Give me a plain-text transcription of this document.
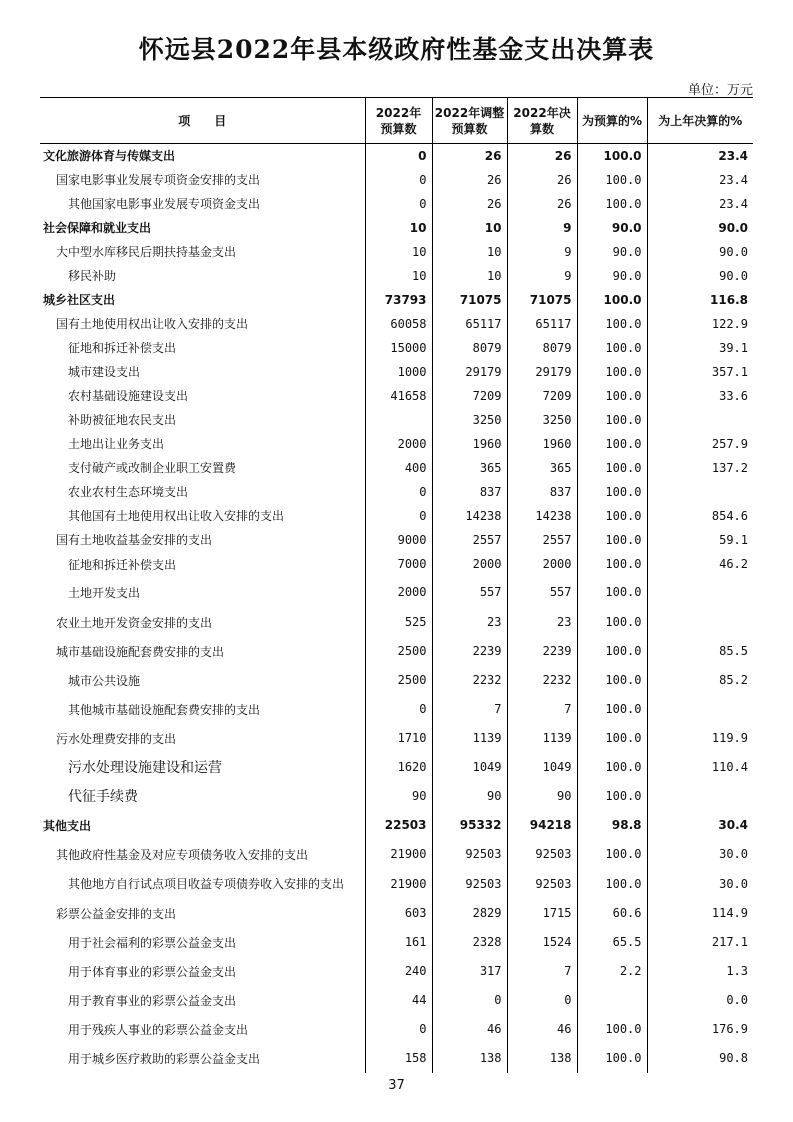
怀远县2022年县本级政府性基金支出决算表
单位：万元
项　　目	2022年　预算数	2022年调整预算数	2022年决算数	为预算的%	为上年决算的%
文化旅游体育与传媒支出	0	26	26	100.0	23.4
国家电影事业发展专项资金安排的支出	0	26	26	100.0	23.4
其他国家电影事业发展专项资金支出	0	26	26	100.0	23.4
社会保障和就业支出	10	10	9	90.0	90.0
大中型水库移民后期扶持基金支出	10	10	9	90.0	90.0
移民补助	10	10	9	90.0	90.0
城乡社区支出	73793	71075	71075	100.0	116.8
国有土地使用权出让收入安排的支出	60058	65117	65117	100.0	122.9
征地和拆迁补偿支出	15000	8079	8079	100.0	39.1
城市建设支出	1000	29179	29179	100.0	357.1
农村基础设施建设支出	41658	7209	7209	100.0	33.6
补助被征地农民支出		3250	3250	100.0	
土地出让业务支出	2000	1960	1960	100.0	257.9
支付破产或改制企业职工安置费	400	365	365	100.0	137.2
农业农村生态环境支出	0	837	837	100.0	
其他国有土地使用权出让收入安排的支出	0	14238	14238	100.0	854.6
国有土地收益基金安排的支出	9000	2557	2557	100.0	59.1
征地和拆迁补偿支出	7000	2000	2000	100.0	46.2
土地开发支出	2000	557	557	100.0	
农业土地开发资金安排的支出	525	23	23	100.0	
城市基础设施配套费安排的支出	2500	2239	2239	100.0	85.5
城市公共设施	2500	2232	2232	100.0	85.2
其他城市基础设施配套费安排的支出	0	7	7	100.0	
污水处理费安排的支出	1710	1139	1139	100.0	119.9
污水处理设施建设和运营	1620	1049	1049	100.0	110.4
代征手续费	90	90	90	100.0	
其他支出	22503	95332	94218	98.8	30.4
其他政府性基金及对应专项债务收入安排的支出	21900	92503	92503	100.0	30.0
其他地方自行试点项目收益专项债券收入安排的支出	21900	92503	92503	100.0	30.0
彩票公益金安排的支出	603	2829	1715	60.6	114.9
用于社会福利的彩票公益金支出	161	2328	1524	65.5	217.1
用于体育事业的彩票公益金支出	240	317	7	2.2	1.3
用于教育事业的彩票公益金支出	44	0	0		0.0
用于残疾人事业的彩票公益金支出	0	46	46	100.0	176.9
用于城乡医疗救助的彩票公益金支出	158	138	138	100.0	90.8
37
